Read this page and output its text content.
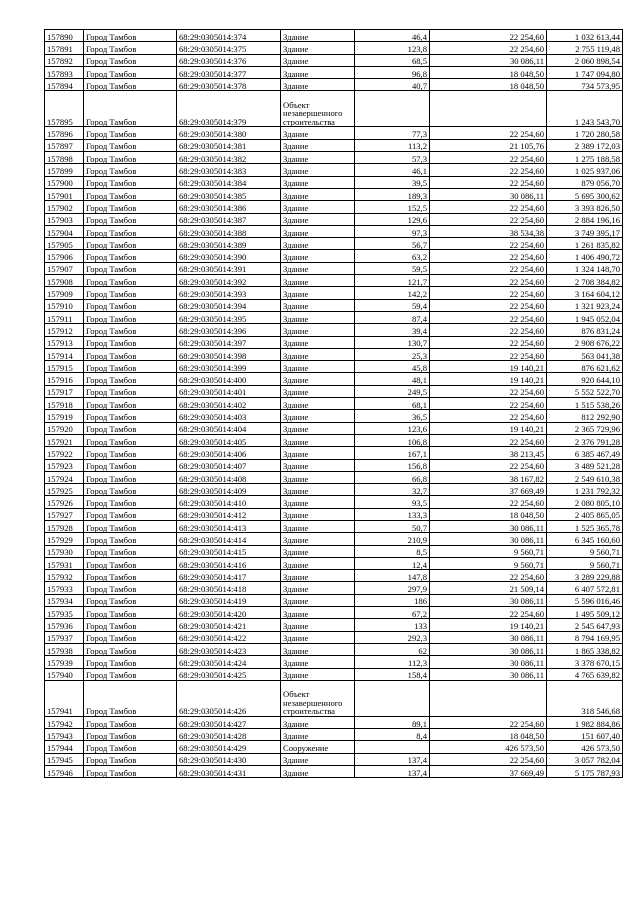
157890	Город Тамбов	68:29:0305014:374	Здание	46,4	22 254,60	1 032 613,44
157891	Город Тамбов	68:29:0305014:375	Здание	123,8	22 254,60	2 755 119,48
157892	Город Тамбов	68:29:0305014:376	Здание	68,5	30 086,11	2 060 898,54
157893	Город Тамбов	68:29:0305014:377	Здание	96,8	18 048,50	1 747 094,80
157894	Город Тамбов	68:29:0305014:378	Здание	40,7	18 048,50	734 573,95
157895	Город Тамбов	68:29:0305014:379	Объект незавершенного строительства			1 243 543,70
157896	Город Тамбов	68:29:0305014:380	Здание	77,3	22 254,60	1 720 280,58
157897	Город Тамбов	68:29:0305014:381	Здание	113,2	21 105,76	2 389 172,03
157898	Город Тамбов	68:29:0305014:382	Здание	57,3	22 254,60	1 275 188,58
157899	Город Тамбов	68:29:0305014:383	Здание	46,1	22 254,60	1 025 937,06
157900	Город Тамбов	68:29:0305014:384	Здание	39,5	22 254,60	879 056,70
157901	Город Тамбов	68:29:0305014:385	Здание	189,3	30 086,11	5 695 300,62
157902	Город Тамбов	68:29:0305014:386	Здание	152,5	22 254,60	3 393 826,50
157903	Город Тамбов	68:29:0305014:387	Здание	129,6	22 254,60	2 884 196,16
157904	Город Тамбов	68:29:0305014:388	Здание	97,3	38 534,38	3 749 395,17
157905	Город Тамбов	68:29:0305014:389	Здание	56,7	22 254,60	1 261 835,82
157906	Город Тамбов	68:29:0305014:390	Здание	63,2	22 254,60	1 406 490,72
157907	Город Тамбов	68:29:0305014:391	Здание	59,5	22 254,60	1 324 148,70
157908	Город Тамбов	68:29:0305014:392	Здание	121,7	22 254,60	2 708 384,82
157909	Город Тамбов	68:29:0305014:393	Здание	142,2	22 254,60	3 164 604,12
157910	Город Тамбов	68:29:0305014:394	Здание	59,4	22 254,60	1 321 923,24
157911	Город Тамбов	68:29:0305014:395	Здание	87,4	22 254,60	1 945 052,04
157912	Город Тамбов	68:29:0305014:396	Здание	39,4	22 254,60	876 831,24
157913	Город Тамбов	68:29:0305014:397	Здание	130,7	22 254,60	2 908 676,22
157914	Город Тамбов	68:29:0305014:398	Здание	25,3	22 254,60	563 041,38
157915	Город Тамбов	68:29:0305014:399	Здание	45,8	19 140,21	876 621,62
157916	Город Тамбов	68:29:0305014:400	Здание	48,1	19 140,21	920 644,10
157917	Город Тамбов	68:29:0305014:401	Здание	249,5	22 254,60	5 552 522,70
157918	Город Тамбов	68:29:0305014:402	Здание	68,1	22 254,60	1 515 538,26
157919	Город Тамбов	68:29:0305014:403	Здание	36,5	22 254,60	812 292,90
157920	Город Тамбов	68:29:0305014:404	Здание	123,6	19 140,21	2 365 729,96
157921	Город Тамбов	68:29:0305014:405	Здание	106,8	22 254,60	2 376 791,28
157922	Город Тамбов	68:29:0305014:406	Здание	167,1	38 213,45	6 385 467,49
157923	Город Тамбов	68:29:0305014:407	Здание	156,8	22 254,60	3 489 521,28
157924	Город Тамбов	68:29:0305014:408	Здание	66,8	38 167,82	2 549 610,38
157925	Город Тамбов	68:29:0305014:409	Здание	32,7	37 669,49	1 231 792,32
157926	Город Тамбов	68:29:0305014:410	Здание	93,5	22 254,60	2 080 805,10
157927	Город Тамбов	68:29:0305014:412	Здание	133,3	18 048,50	2 405 865,05
157928	Город Тамбов	68:29:0305014:413	Здание	50,7	30 086,11	1 525 365,78
157929	Город Тамбов	68:29:0305014:414	Здание	210,9	30 086,11	6 345 160,60
157930	Город Тамбов	68:29:0305014:415	Здание	8,5	9 560,71	9 560,71
157931	Город Тамбов	68:29:0305014:416	Здание	12,4	9 560,71	9 560,71
157932	Город Тамбов	68:29:0305014:417	Здание	147,8	22 254,60	3 289 229,88
157933	Город Тамбов	68:29:0305014:418	Здание	297,9	21 509,14	6 407 572,81
157934	Город Тамбов	68:29:0305014:419	Здание	186	30 086,11	5 596 016,46
157935	Город Тамбов	68:29:0305014:420	Здание	67,2	22 254,60	1 495 509,12
157936	Город Тамбов	68:29:0305014:421	Здание	133	19 140,21	2 545 647,93
157937	Город Тамбов	68:29:0305014:422	Здание	292,3	30 086,11	8 794 169,95
157938	Город Тамбов	68:29:0305014:423	Здание	62	30 086,11	1 865 338,82
157939	Город Тамбов	68:29:0305014:424	Здание	112,3	30 086,11	3 378 670,15
157940	Город Тамбов	68:29:0305014:425	Здание	158,4	30 086,11	4 765 639,82
157941	Город Тамбов	68:29:0305014:426	Объект незавершенного строительства			318 546,68
157942	Город Тамбов	68:29:0305014:427	Здание	89,1	22 254,60	1 982 884,86
157943	Город Тамбов	68:29:0305014:428	Здание	8,4	18 048,50	151 607,40
157944	Город Тамбов	68:29:0305014:429	Сооружение		426 573,50	426 573,50
157945	Город Тамбов	68:29:0305014:430	Здание	137,4	22 254,60	3 057 782,04
157946	Город Тамбов	68:29:0305014:431	Здание	137,4	37 669,49	5 175 787,93
